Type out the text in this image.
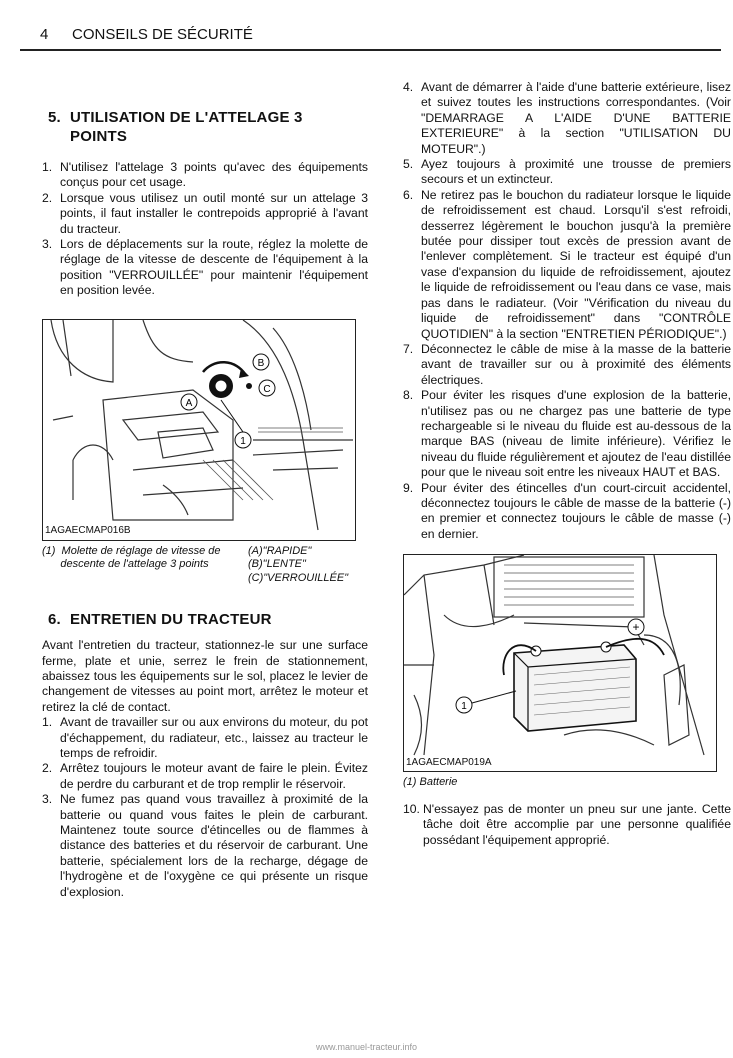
4 CONSEILS DE SÉCURITÉ
5. UTILISATION DE L'ATTELAGE 3
POINTS
1. N'utilisez l'attelage 3 points qu'avec des équipements conçus pour cet usage.
2. Lorsque vous utilisez un outil monté sur un attelage 3 points, il faut installer le contrepoids approprié à l'avant du tracteur.
3. Lors de déplacements sur la route, réglez la molette de réglage de la vitesse de descente de l'équipement à la position "VERROUILLÉE" pour maintenir l'équipement en position levée.
1
A
B
C
1AGAECMAP016B
(1)  Molette de réglage de vitesse de
descente de l'attelage 3 points
(A)"RAPIDE"
(B)"LENTE"
(C)"VERROUILLÉE"
6. ENTRETIEN DU TRACTEUR

Avant l'entretien du tracteur, stationnez-le sur une surface ferme, plate et unie, serrez le frein de stationnement, abaissez tous les équipements sur le sol, placez le levier de changement de vitesses au point mort, arrêtez le moteur et retirez la clé de contact.

1. Avant de travailler sur ou aux environs du moteur, du pot d'échappement, du radiateur, etc., laissez au tracteur le temps de refroidir.
2. Arrêtez toujours le moteur avant de faire le plein. Évitez de perdre du carburant et de trop remplir le réservoir.
3. Ne fumez pas quand vous travaillez à proximité de la batterie ou quand vous faites le plein de carburant. Maintenez toute source d'étincelles ou de flammes à distance des batteries et du réservoir de carburant. Une batterie, spécialement lors de la recharge, dégage de l'hydrogène et de l'oxygène ce qui présente un risque d'explosion.
4. Avant de démarrer à l'aide d'une batterie extérieure, lisez et suivez toutes les instructions correspondantes. (Voir "DEMARRAGE A L'AIDE D'UNE BATTERIE EXTERIEURE" à la section "UTILISATION DU MOTEUR".)
5. Ayez toujours à proximité une trousse de premiers secours et un extincteur.
6. Ne retirez pas le bouchon du radiateur lorsque le liquide de refroidissement est chaud. Lorsqu'il s'est refroidi, desserrez légèrement le bouchon jusqu'à la première butée pour dissiper tout excès de pression avant de l'enlever complètement. Si le tracteur est équipé d'un vase d'expansion du liquide de refroidissement, ajoutez le liquide de refroidissement ou l'eau dans ce vase, mais pas dans le radiateur. (Voir "Vérification du niveau du liquide de refroidissement" dans "CONTRÔLE QUOTIDIEN" à la section "ENTRETIEN PÉRIODIQUE".)
7. Déconnectez le câble de mise à la masse de la batterie avant de travailler sur ou à proximité des éléments électriques.
8. Pour éviter les risques d'une explosion de la batterie, n'utilisez pas ou ne chargez pas une batterie de type rechargeable si le niveau du fluide est au-dessous de la marque BAS (niveau de limite inférieure). Vérifiez le niveau du fluide régulièrement et ajoutez de l'eau distillée pour que le niveau soit entre les niveaux HAUT et BAS.
9. Pour éviter des étincelles d'un court-circuit accidentel, déconnectez toujours le câble de masse de la batterie (-) en premier et connectez toujours le câble de masse (-) en dernier.
+
1
1AGAECMAP019A
(1) Batterie
10. N'essayez pas de monter un pneu sur une jante. Cette tâche doit être accomplie par une personne qualifiée possédant l'équipement approprié.
www.manuel-tracteur.info
